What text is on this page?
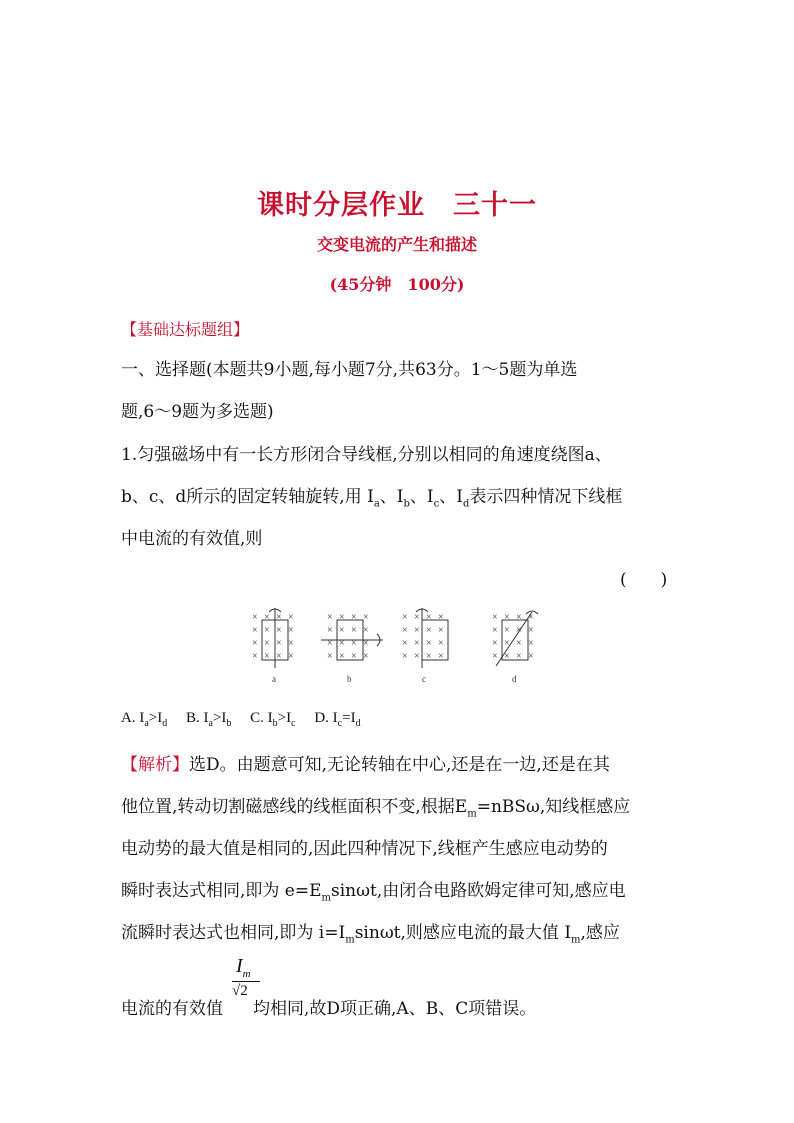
课时分层作业　三十一
交变电流的产生和描述
(45分钟　100分)
【基础达标题组】
一、选择题(本题共9小题,每小题7分,共63分。1～5题为单选
题,6～9题为多选题)
1.匀强磁场中有一长方形闭合导线框,分别以相同的角速度绕图a、
b、c、d所示的固定转轴旋转,用 $I_a$、$I_b$、$I_c$、$I_d$表示四种情况下线框
中电流的有效值,则
(　　)
× × × ×
× × × ×
× × × ×
× × × ×
a
× × × ×
× × × ×
× × × ×
× × × ×
b
× × × ×
× × × ×
× × × ×
× × × ×
c
× × × ×
× × × ×
× × × ×
× × × ×
d
A. $I_a>I_d$ B. $I_a>I_b$ C. $I_b>I_c$ D. $I_c=I_d$
【解析】选D。由题意可知,无论转轴在中心,还是在一边,还是在其
他位置,转动切割磁感线的线框面积不变,根据$E_m=nBS\omega$,知线框感应
电动势的最大值是相同的,因此四种情况下,线框产生感应电动势的
瞬时表达式相同,即为 $e=E_m\sin\omega t$,由闭合电路欧姆定律可知,感应电
流瞬时表达式也相同,即为 $i=I_m\sin\omega t$,则感应电流的最大值 $I_m$,感应
$I_m$
√2
电流的有效值 均相同,故D项正确,A、B、C项错误。
